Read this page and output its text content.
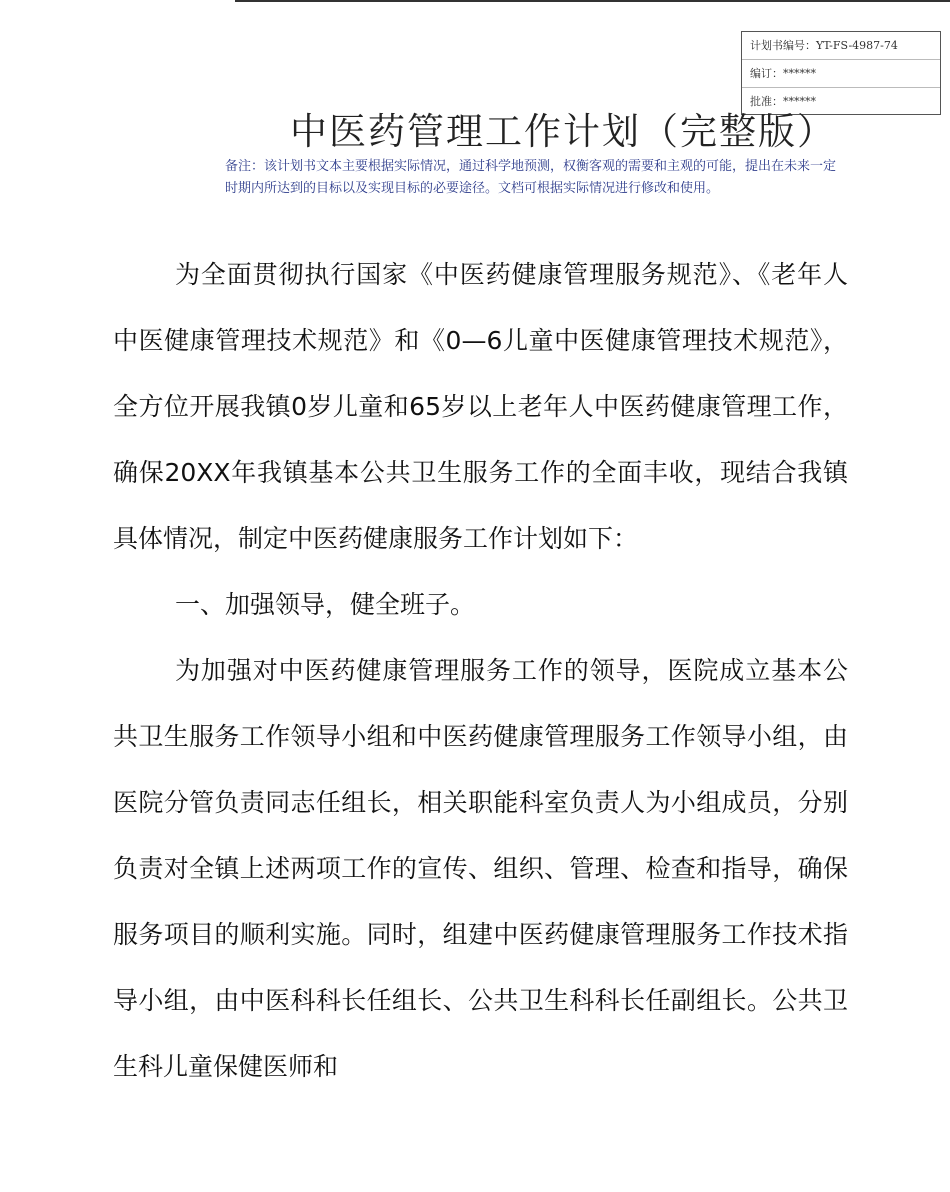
计划书编号：YT-FS-4987-74
编订：******
批准：******
中医药管理工作计划（完整版）

备注：该计划书文本主要根据实际情况，通过科学地预测，权衡客观的需要和主观的可能，提出在未来一定时期内所达到的目标以及实现目标的必要途径。文档可根据实际情况进行修改和使用。

为全面贯彻执行国家《中医药健康管理服务规范》、《老年人中医健康管理技术规范》和《0—6儿童中医健康管理技术规范》，全方位开展我镇0岁儿童和65岁以上老年人中医药健康管理工作，确保20XX年我镇基本公共卫生服务工作的全面丰收，现结合我镇具体情况，制定中医药健康服务工作计划如下：

一、加强领导，健全班子。

为加强对中医药健康管理服务工作的领导，医院成立基本公共卫生服务工作领导小组和中医药健康管理服务工作领导小组，由医院分管负责同志任组长，相关职能科室负责人为小组成员，分别负责对全镇上述两项工作的宣传、组织、管理、检查和指导，确保服务项目的顺利实施。同时，组建中医药健康管理服务工作技术指导小组，由中医科科长任组长、公共卫生科科长任副组长。公共卫生科儿童保健医师和
